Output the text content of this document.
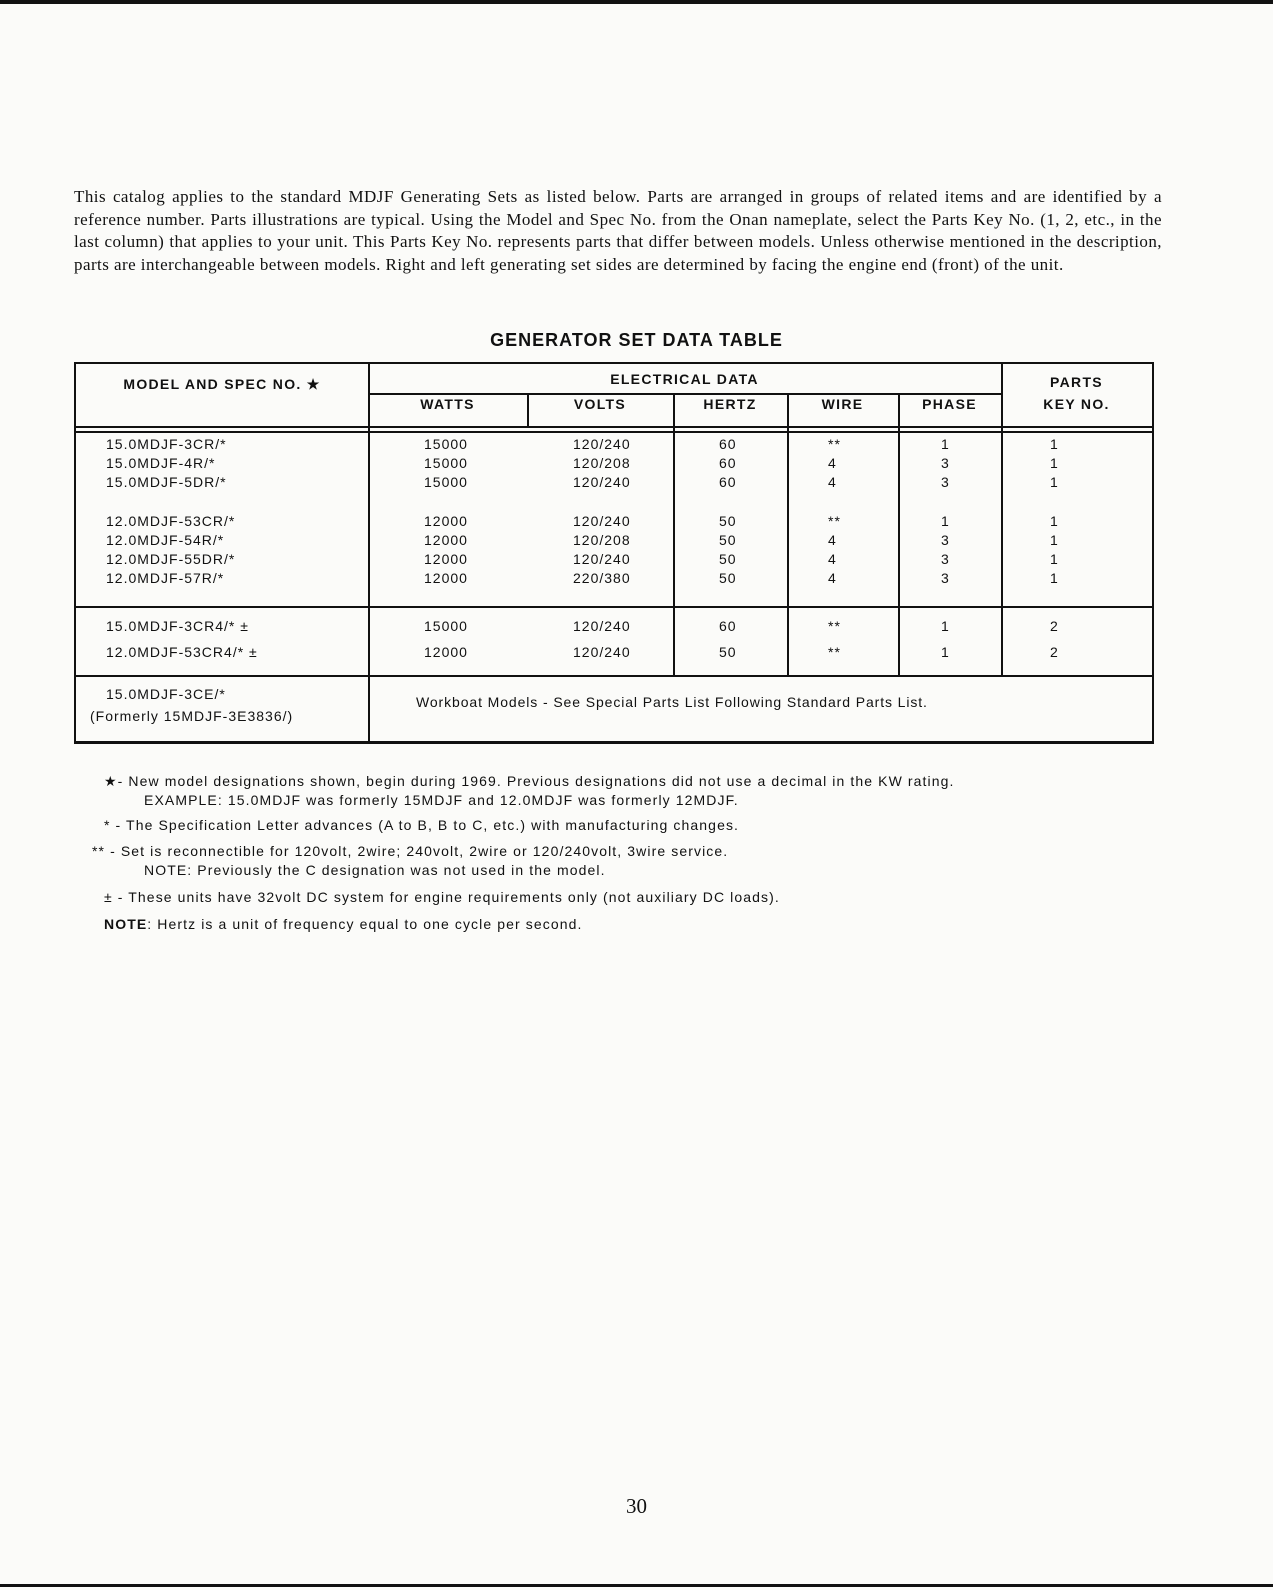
This catalog applies to the standard MDJF Generating Sets as listed below. Parts are arranged in groups of related items and are identified by a reference number. Parts illustrations are typical. Using the Model and Spec No. from the Onan nameplate, select the Parts Key No. (1, 2, etc., in the last column) that applies to your unit. This Parts Key No. represents parts that differ between models. Unless otherwise mentioned in the description, parts are interchangeable between models. Right and left generating set sides are determined by facing the engine end (front) of the unit.

GENERATOR SET DATA TABLE
MODEL AND SPEC NO. ★	ELECTRICAL DATA
WATTS	VOLTS	HERTZ	WIRE	PHASE
PARTS
KEY NO.
15.0MDJF-3CR/*	15000	120/240	60	**	1	1
15.0MDJF-4R/*	15000	120/208	60	4	3	1
15.0MDJF-5DR/*	15000	120/240	60	4	3	1
12.0MDJF-53CR/*	12000	120/240	50	**	1	1
12.0MDJF-54R/*	12000	120/208	50	4	3	1
12.0MDJF-55DR/*	12000	120/240	50	4	3	1
12.0MDJF-57R/*	12000	220/380	50	4	3	1
15.0MDJF-3CR4/* ±	15000	120/240	60	**	1	2
12.0MDJF-53CR4/* ±	12000	120/240	50	**	1	2
15.0MDJF-3CE/*
(Formerly 15MDJF-3E3836/)
Workboat Models - See Special Parts List Following Standard Parts List.
★- New model designations shown, begin during 1969. Previous designations did not use a decimal in the KW rating.
EXAMPLE: 15.0MDJF was formerly 15MDJF and 12.0MDJF was formerly 12MDJF.
* - The Specification Letter advances (A to B, B to C, etc.) with manufacturing changes.
** - Set is reconnectible for 120volt, 2wire; 240volt, 2wire or 120/240volt, 3wire service.
NOTE: Previously the C designation was not used in the model.
± - These units have 32volt DC system for engine requirements only (not auxiliary DC loads).
NOTE: Hertz is a unit of frequency equal to one cycle per second.
30
